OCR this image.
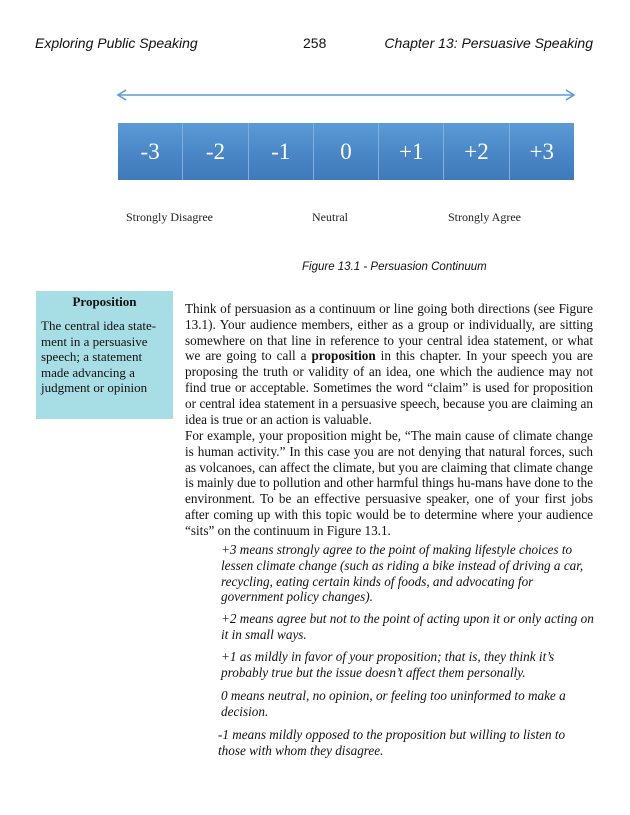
Exploring Public Speaking	258	Chapter 13: Persuasive Speaking
-3	-2	-1	0	+1	+2	+3
Strongly Disagree	Neutral	Strongly Agree
Figure 13.1 - Persuasion Continuum

Proposition

The central idea state-ment in a persuasive speech; a statement made advancing a judgment or opinion

Think of persuasion as a continuum or line going both directions (see Figure 13.1). Your audience members, either as a group or individually, are sitting somewhere on that line in reference to your central idea statement, or what we are going to call a proposition in this chapter. In your speech you are proposing the truth or validity of an idea, one which the audience may not find true or acceptable. Sometimes the word “claim” is used for proposition or central idea statement in a persuasive speech, because you are claiming an idea is true or an action is valuable.

For example, your proposition might be, “The main cause of climate change is human activity.” In this case you are not denying that natural forces, such as volcanoes, can affect the climate, but you are claiming that climate change is mainly due to pollution and other harmful things hu-mans have done to the environment. To be an effective persuasive speaker, one of your first jobs after coming up with this topic would be to determine where your audience “sits” on the continuum in Figure 13.1.

+3 means strongly agree to the point of making lifestyle choices to lessen climate change (such as riding a bike instead of driving a car, recycling, eating certain kinds of foods, and advocating for government policy changes).

+2 means agree but not to the point of acting upon it or only acting on it in small ways.

+1 as mildly in favor of your proposition; that is, they think it’s probably true but the issue doesn’t affect them personally.

0 means neutral, no opinion, or feeling too uninformed to make a decision.

-1 means mildly opposed to the proposition but willing to listen to those with whom they disagree.
